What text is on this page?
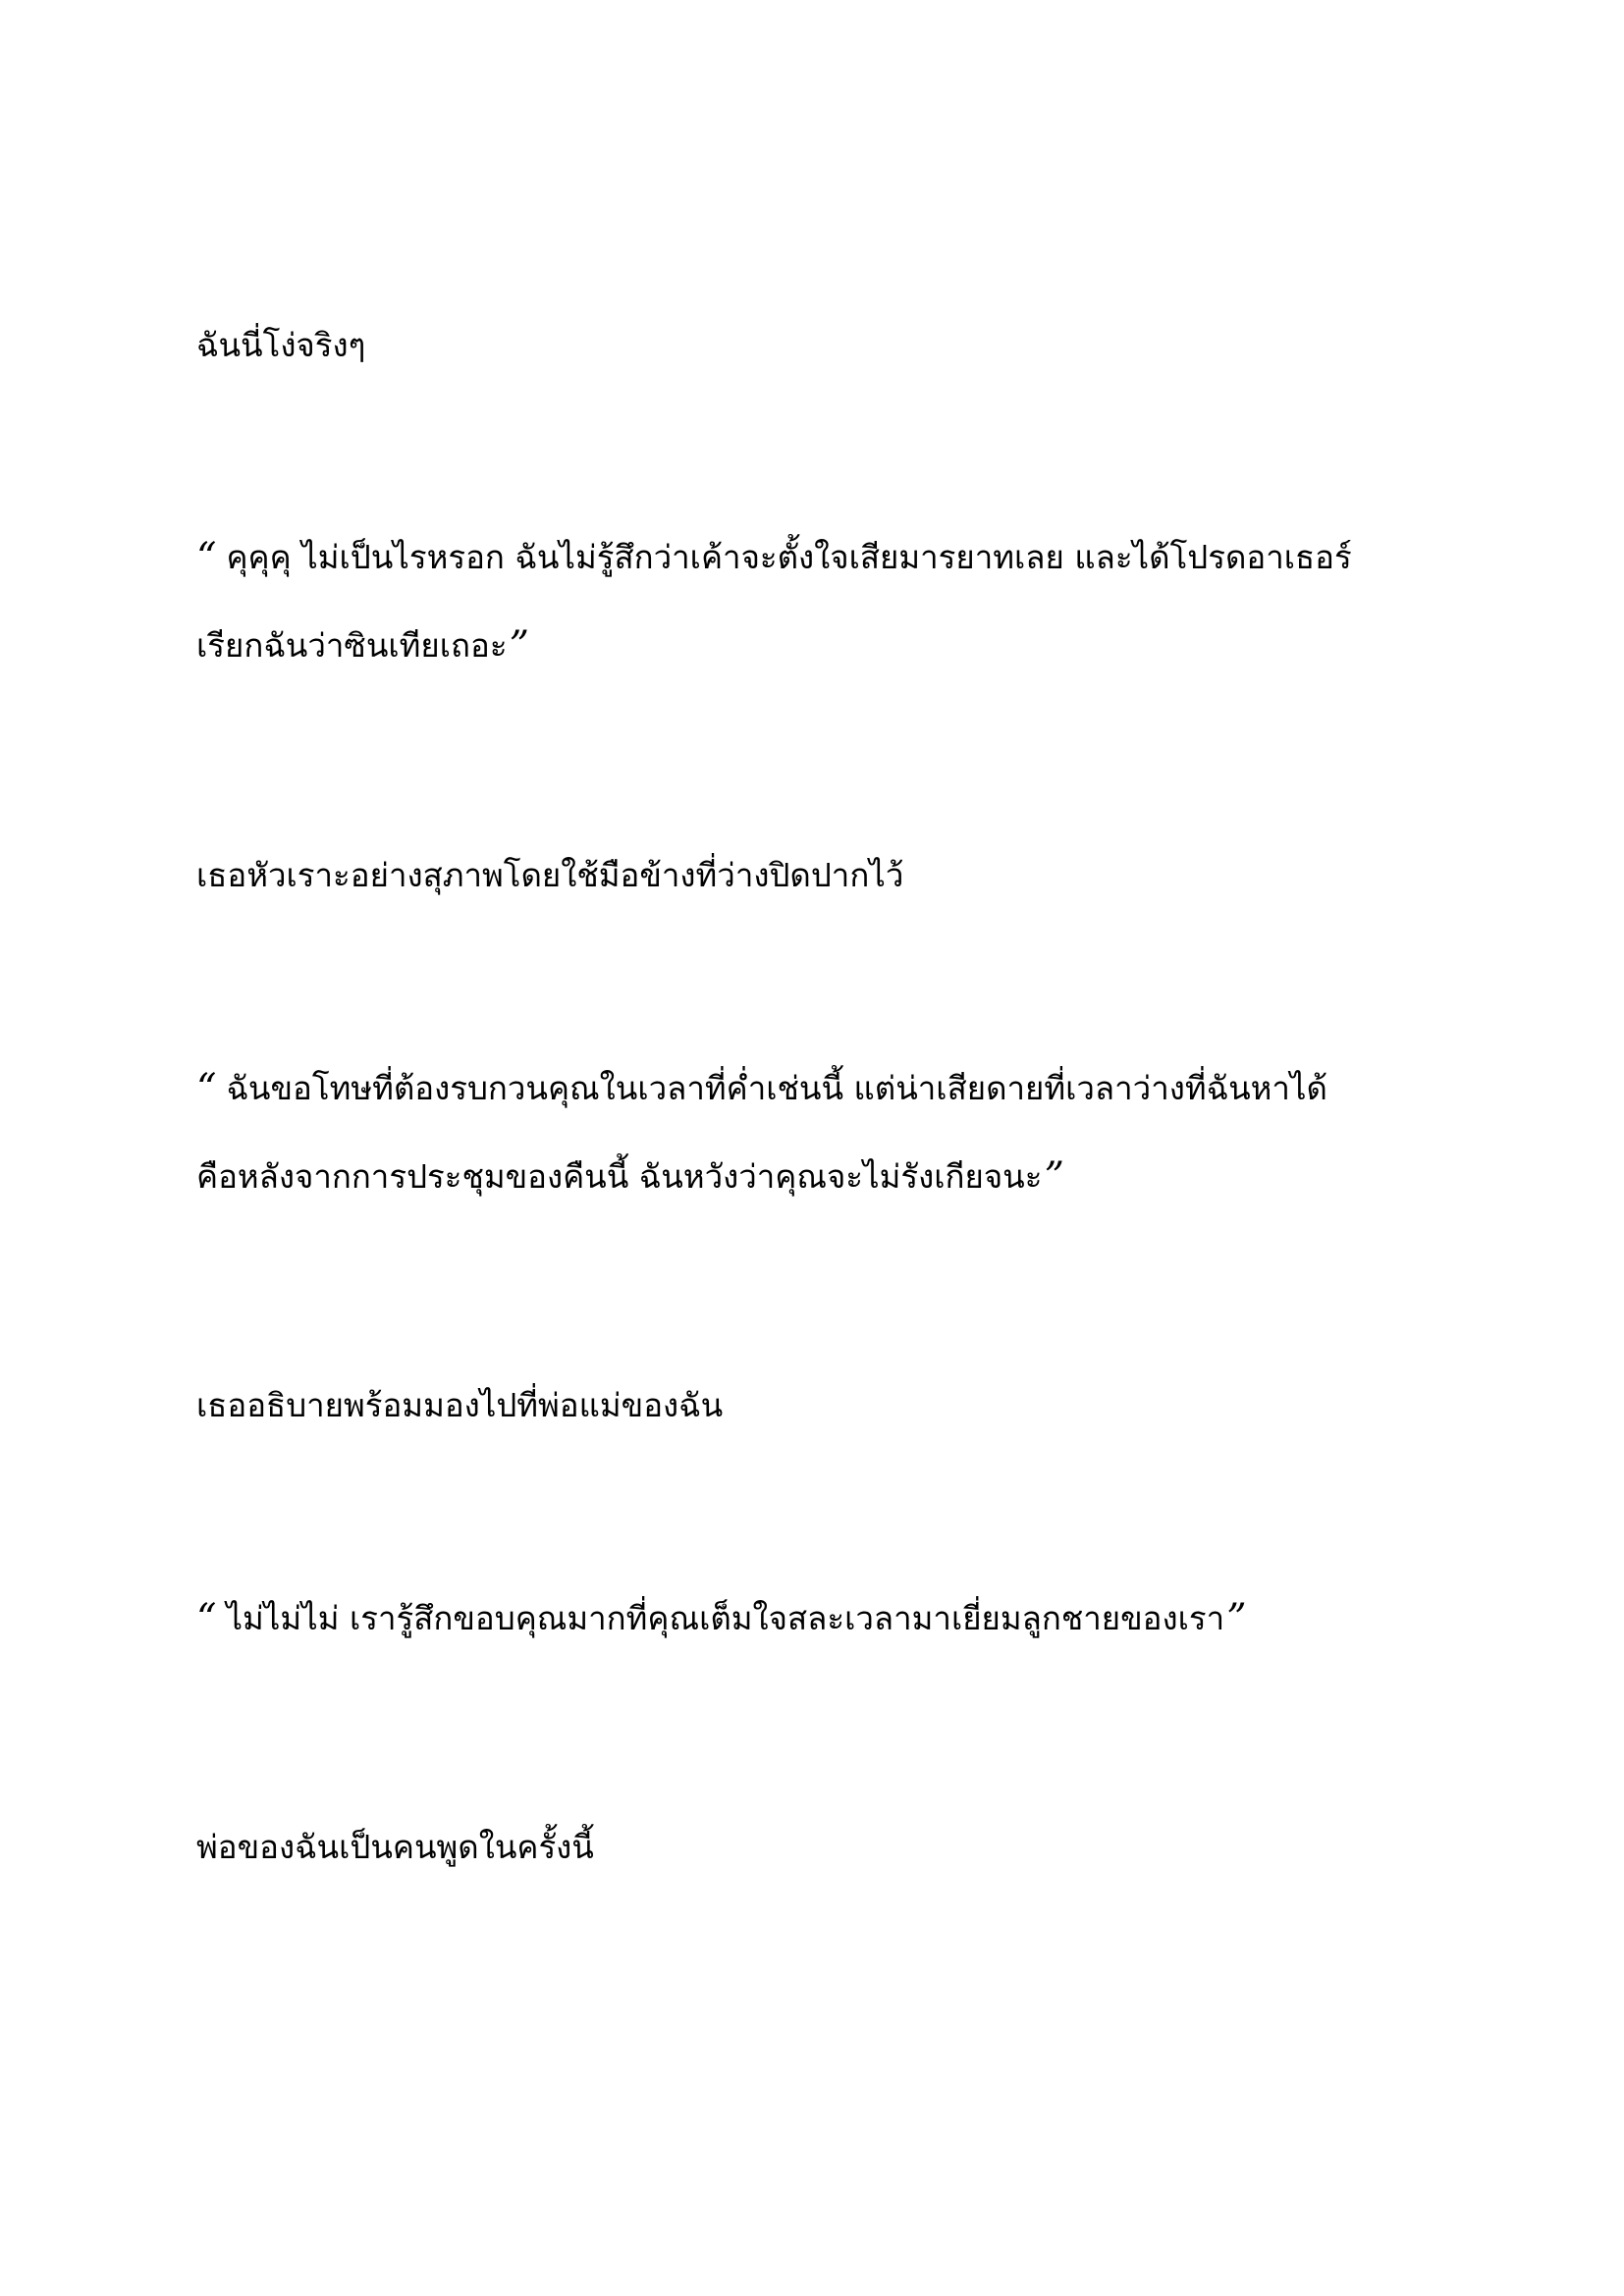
ฉันนี่โง่จริงๆ
“ คุคุคุ ไม่เป็นไรหรอก ฉันไม่รู้สึกว่าเค้าจะตั้งใจเสียมารยาทเลย และได้โปรดอาเธอร์
เรียกฉันว่าซินเทียเถอะ”
เธอหัวเราะอย่างสุภาพโดยใช้มือข้างที่ว่างปิดปากไว้
“ ฉันขอโทษที่ต้องรบกวนคุณในเวลาที่ค่ำเช่นนี้ แต่น่าเสียดายที่เวลาว่างที่ฉันหาได้
คือหลังจากการประชุมของคืนนี้ ฉันหวังว่าคุณจะไม่รังเกียจนะ”
เธออธิบายพร้อมมองไปที่พ่อแม่ของฉัน
“ ไม่ไม่ไม่ เรารู้สึกขอบคุณมากที่คุณเต็มใจสละเวลามาเยี่ยมลูกชายของเรา”
พ่อของฉันเป็นคนพูดในครั้งนี้
